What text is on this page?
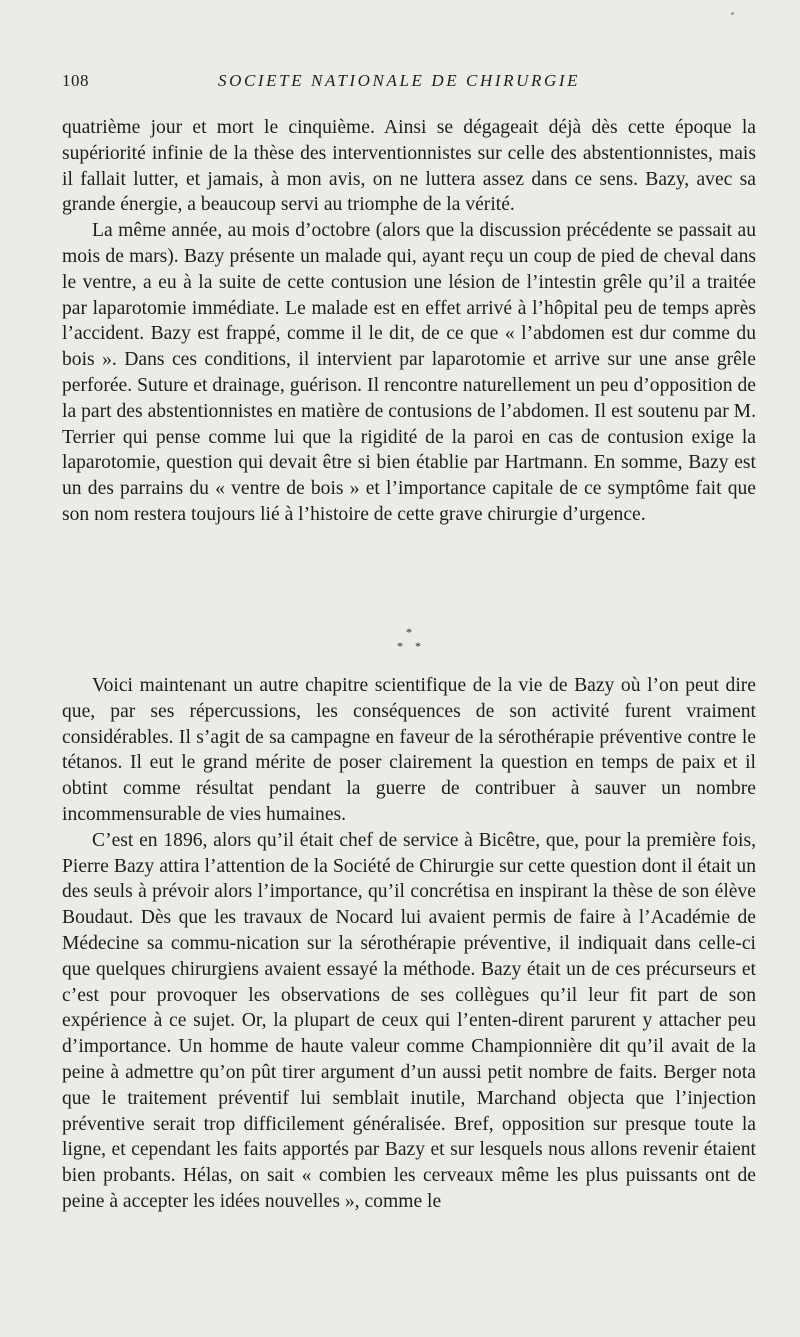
108	SOCIETE NATIONALE DE CHIRURGIE

quatrième jour et mort le cinquième. Ainsi se dégageait déjà dès cette époque la supériorité infinie de la thèse des interventionnistes sur celle des abstentionnistes, mais il fallait lutter, et jamais, à mon avis, on ne luttera assez dans ce sens. Bazy, avec sa grande énergie, a beaucoup servi au triomphe de la vérité.

La même année, au mois d’octobre (alors que la discussion précédente se passait au mois de mars). Bazy présente un malade qui, ayant reçu un coup de pied de cheval dans le ventre, a eu à la suite de cette contusion une lésion de l’intestin grêle qu’il a traitée par laparotomie immédiate. Le malade est en effet arrivé à l’hôpital peu de temps après l’accident. Bazy est frappé, comme il le dit, de ce que « l’abdomen est dur comme du bois ». Dans ces conditions, il intervient par laparotomie et arrive sur une anse grêle perforée. Suture et drainage, guérison. Il rencontre naturellement un peu d’opposition de la part des abstentionnistes en matière de contusions de l’abdomen. Il est soutenu par M. Terrier qui pense comme lui que la rigidité de la paroi en cas de contusion exige la laparotomie, question qui devait être si bien établie par Hartmann. En somme, Bazy est un des parrains du « ventre de bois » et l’importance capitale de ce symptôme fait que son nom restera toujours lié à l’histoire de cette grave chirurgie d’urgence.

*
* *

Voici maintenant un autre chapitre scientifique de la vie de Bazy où l’on peut dire que, par ses répercussions, les conséquences de son activité furent vraiment considérables. Il s’agit de sa campagne en faveur de la sérothérapie préventive contre le tétanos. Il eut le grand mérite de poser clairement la question en temps de paix et il obtint comme résultat pendant la guerre de contribuer à sauver un nombre incommensurable de vies humaines.

C’est en 1896, alors qu’il était chef de service à Bicêtre, que, pour la première fois, Pierre Bazy attira l’attention de la Société de Chirurgie sur cette question dont il était un des seuls à prévoir alors l’importance, qu’il concrétisa en inspirant la thèse de son élève Boudaut. Dès que les travaux de Nocard lui avaient permis de faire à l’Académie de Médecine sa commu-nication sur la sérothérapie préventive, il indiquait dans celle-ci que quelques chirurgiens avaient essayé la méthode. Bazy était un de ces précurseurs et c’est pour provoquer les observations de ses collègues qu’il leur fit part de son expérience à ce sujet. Or, la plupart de ceux qui l’enten-dirent parurent y attacher peu d’importance. Un homme de haute valeur comme Championnière dit qu’il avait de la peine à admettre qu’on pût tirer argument d’un aussi petit nombre de faits. Berger nota que le traitement préventif lui semblait inutile, Marchand objecta que l’injection préventive serait trop difficilement généralisée. Bref, opposition sur presque toute la ligne, et cependant les faits apportés par Bazy et sur lesquels nous allons revenir étaient bien probants. Hélas, on sait « combien les cerveaux même les plus puissants ont de peine à accepter les idées nouvelles », comme le
